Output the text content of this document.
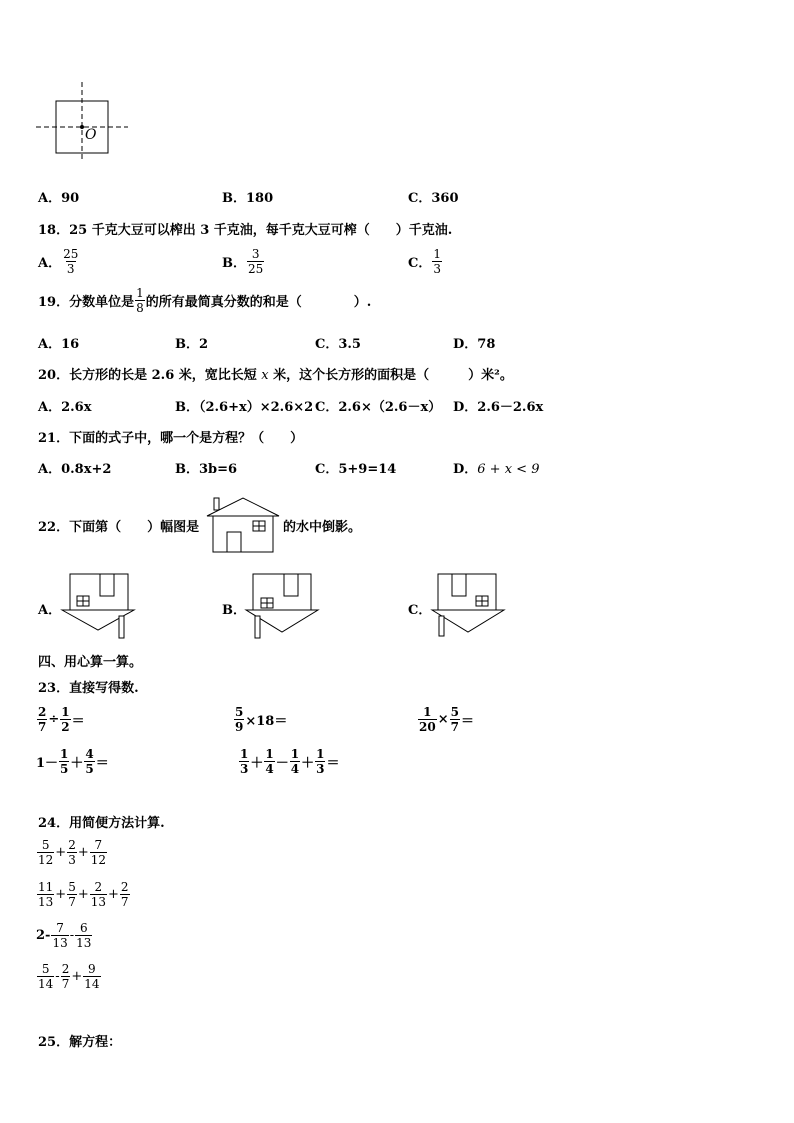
O
A．90	B．180	C．360
18．25 千克大豆可以榨出 3 千克油，每千克大豆可榨（　　）千克油.
A． $\frac{25}{3}$	B． $\frac{3}{25}$	C． $\frac{1}{3}$
19．分数单位是 $\frac{1}{8}$ 的所有最简真分数的和是（　　　　）.
A．16	B．2	C．3.5	D．78
20．长方形的长是 2.6 米，宽比长短 x 米，这个长方形的面积是（　　　）米²。
A．2.6x	B．（2.6+x）×2.6×2 C．2.6×（2.6－x） D．2.6－2.6x
21．下面的式子中，哪一个是方程？（　　）
A．0.8x+2	B．3b=6	C．5+9=14	D．6 + x < 9
22．下面第（　　）幅图是	的水中倒影。
A．	B．	C．
四、用心算一算。
23．直接写得数.
$\frac{2}{7} \div \frac{1}{2}$ ＝	$\frac{5}{9} \times 18=$	$\frac{1}{20} \times \frac{5}{7}$ ＝
$1- \frac{1}{5} + \frac{4}{5}$ ＝	$\frac{1}{3} + \frac{1}{4} - \frac{1}{4} + \frac{1}{3}$ ＝
24．用简便方法计算.
$\frac{5}{12} + \frac{2}{3} + \frac{7}{12}$
$\frac{11}{13} + \frac{5}{7} + \frac{2}{13} + \frac{2}{7}$
$2- \frac{7}{13} - \frac{6}{13}$
$\frac{5}{14} - \frac{2}{7} + \frac{9}{14}$
25．解方程：
